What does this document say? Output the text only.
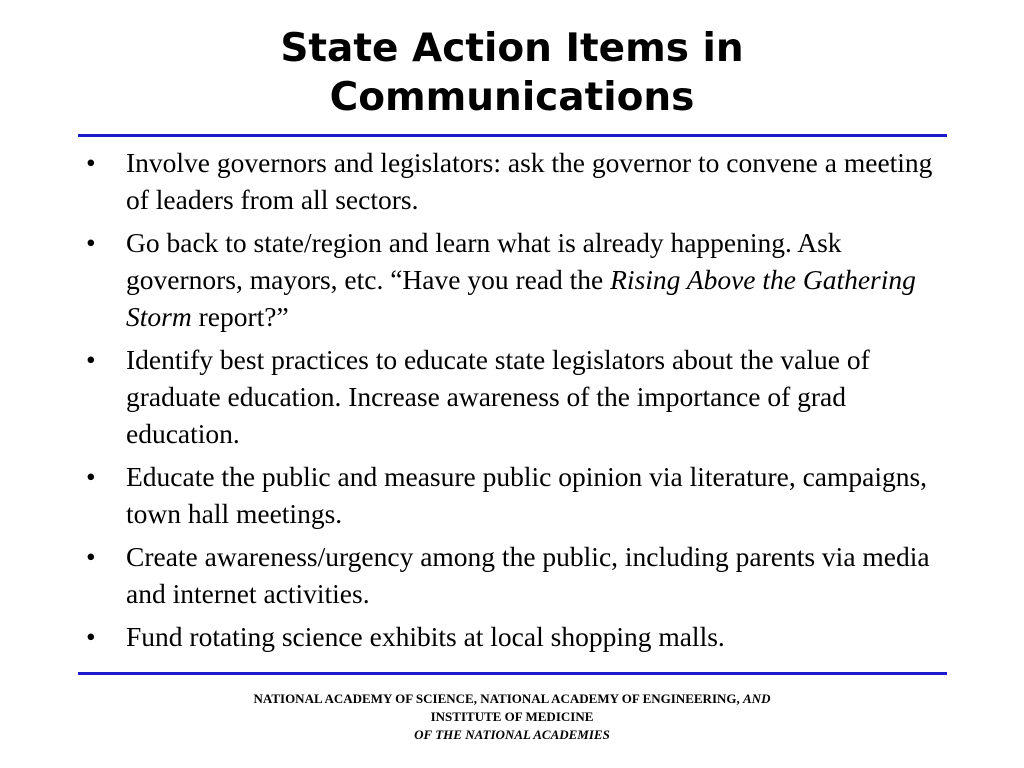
State Action Items in
Communications
• Involve governors and legislators: ask the governor to convene a meeting of leaders from all sectors.
• Go back to state/region and learn what is already happening. Ask governors, mayors, etc. “Have you read the Rising Above the Gathering Storm report?”
• Identify best practices to educate state legislators about the value of graduate education. Increase awareness of the importance of grad education.
• Educate the public and measure public opinion via literature, campaigns, town hall meetings.
• Create awareness/urgency among the public, including parents via media and internet activities.
• Fund rotating science exhibits at local shopping malls.
NATIONAL ACADEMY OF SCIENCE, NATIONAL ACADEMY OF ENGINEERING, AND
INSTITUTE OF MEDICINE
OF THE NATIONAL ACADEMIES
